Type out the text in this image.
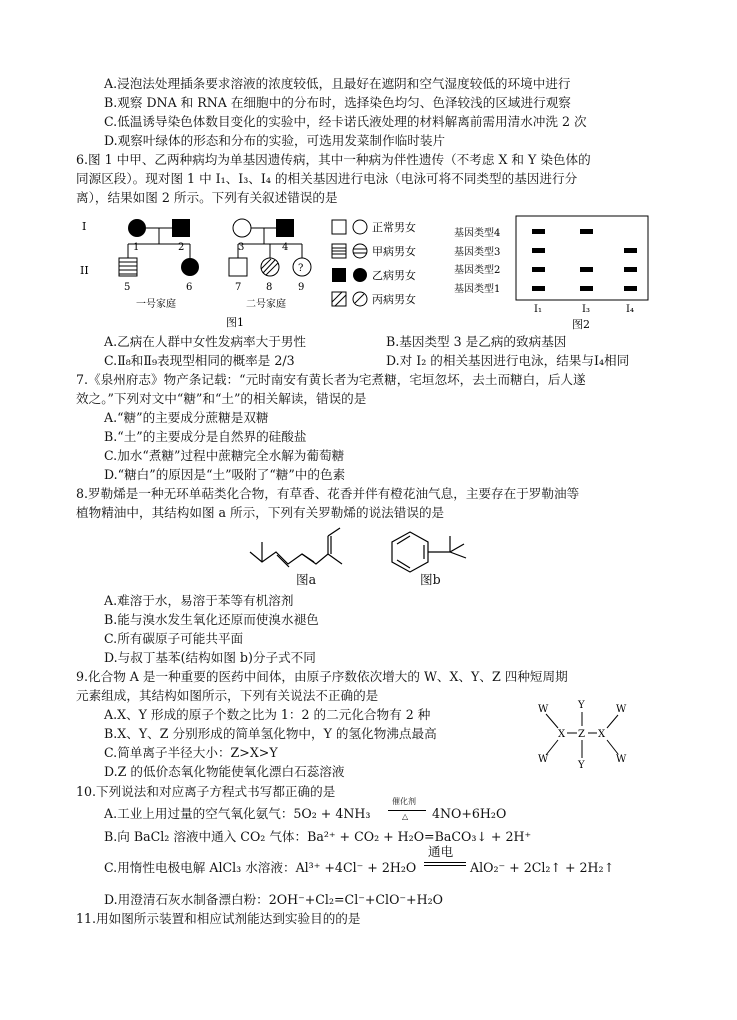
A.浸泡法处理插条要求溶液的浓度较低，且最好在遮阴和空气湿度较低的环境中进行
B.观察 DNA 和 RNA 在细胞中的分布时，选择染色均匀、色泽较浅的区域进行观察
C.低温诱导染色体数目变化的实验中，经卡诺氏液处理的材料解离前需用清水冲洗 2 次
D.观察叶绿体的形态和分布的实验，可选用发菜制作临时装片
6.图 1 中甲、乙两种病均为单基因遗传病，其中一种病为伴性遗传（不考虑 X 和 Y 染色体的
同源区段）。现对图 1 中 I₁、I₃、I₄ 的相关基因进行电泳（电泳可将不同类型的基因进行分
离），结果如图 2 所示。下列有关叙述错误的是
I
II
1	2
5	6
一号家庭
3	4
?
7 8	9
二号家庭
正常男女
甲病男女
乙病男女
丙病男女
图1
基因类型4
基因类型3
基因类型2
基因类型1
I₁	I₃	I₄
图2
A.乙病在人群中女性发病率大于男性	B.基因类型 3 是乙病的致病基因
C.Ⅱ₈和Ⅱ₉表现型相同的概率是 2/3	D.对 I₂ 的相关基因进行电泳，结果与I₄相同
7.《泉州府志》物产条记载：“元时南安有黄长者为宅煮糖，宅垣忽坏，去土而糖白，后人遂
效之。”下列对文中“糖”和“土”的相关解读，错误的是
A.“糖”的主要成分蔗糖是双糖
B.“土”的主要成分是自然界的硅酸盐
C.加水“煮糖”过程中蔗糖完全水解为葡萄糖
D.“糖白”的原因是“土”吸附了“糖”中的色素
8.罗勒烯是一种无环单萜类化合物，有草香、花香并伴有橙花油气息，主要存在于罗勒油等
植物精油中，其结构如图 a 所示，下列有关罗勒烯的说法错误的是
图a	图b
A.难溶于水，易溶于苯等有机溶剂
B.能与溴水发生氧化还原而使溴水褪色
C.所有碳原子可能共平面
D.与叔丁基苯(结构如图 b)分子式不同
9.化合物 A 是一种重要的医药中间体，由原子序数依次增大的 W、X、Y、Z 四种短周期
元素组成，其结构如图所示，下列有关说法不正确的是
W	Y	W
X Z X
W
Y
W
A.X、Y 形成的原子个数之比为 1：2 的二元化合物有 2 种
B.X、Y、Z 分别形成的简单氢化物中，Y 的氢化物沸点最高
C.简单离子半径大小：Z>X>Y
D.Z 的低价态氧化物能使氧化漂白石蕊溶液
10.下列说法和对应离子方程式书写都正确的是
A.工业上用过量的空气氧化氨气：5O₂ + 4NH₃
催化剂
△ 4NO+6H₂O
B.向 BaCl₂ 溶液中通入 CO₂ 气体：Ba²⁺ + CO₂ + H₂O=BaCO₃↓ + 2H⁺
C.用惰性电极电解 AlCl₃ 水溶液：Al³⁺ +4Cl⁻ + 2H₂O
通电
AlO₂⁻ + 2Cl₂↑ + 2H₂↑
D.用澄清石灰水制备漂白粉：2OH⁻+Cl₂=Cl⁻+ClO⁻+H₂O
11.用如图所示装置和相应试剂能达到实验目的的是
